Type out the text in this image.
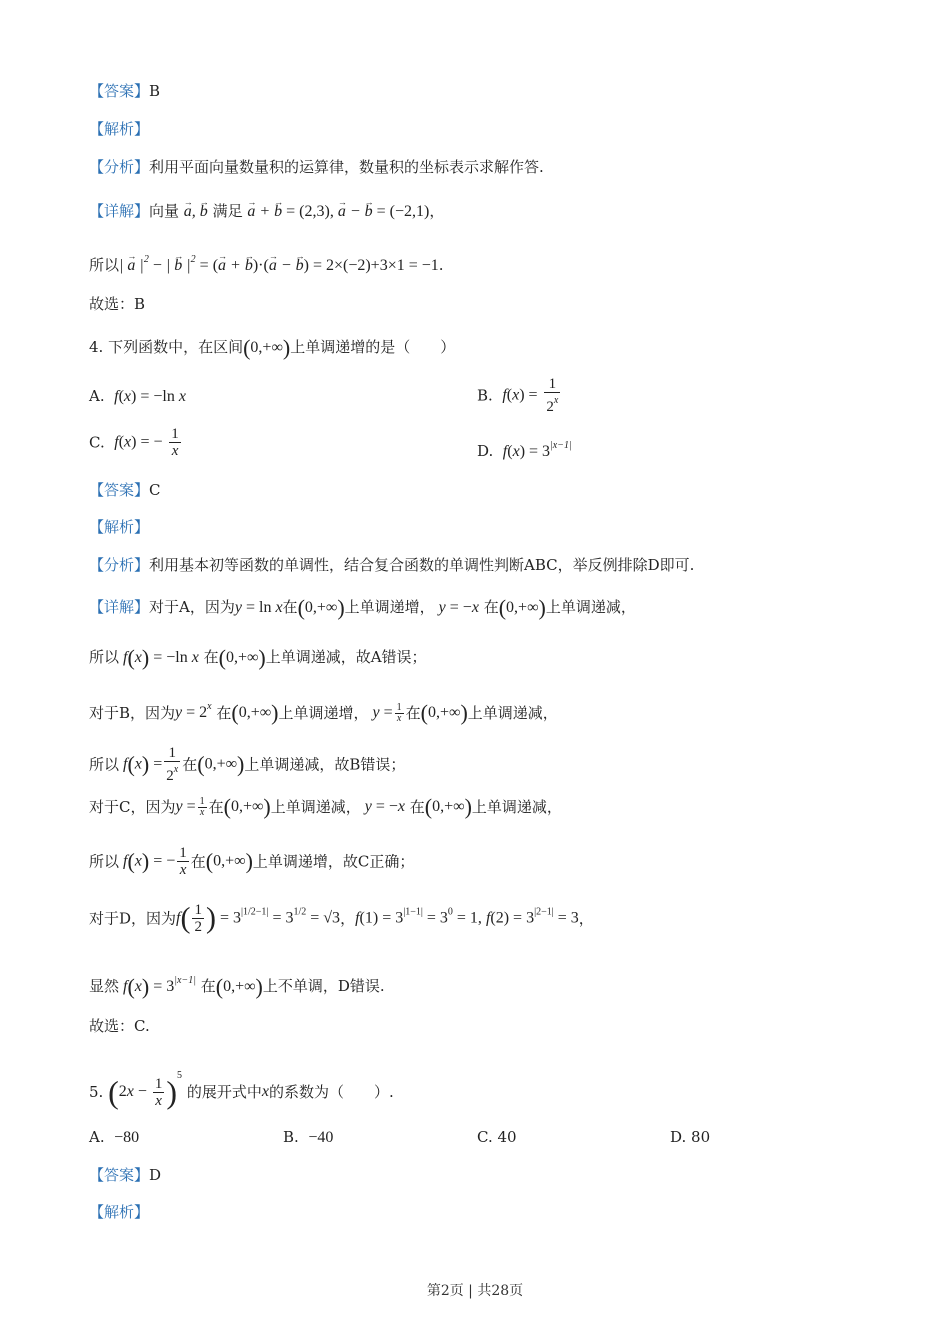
【答案】B
【解析】
【分析】利用平面向量数量积的运算律，数量积的坐标表示求解作答.
【详解】向量 → a, → b 满足 → a + → b = (2,3), → a − → b = (−2,1)，
所以| → a $|^2$ − | → b $|^2$ = (→ a + → b)·(→ a − → b) = 2×(−2)+3×1 = −1.
故选：B
4. 下列函数中，在区间(0,+∞)上单调递增的是（　　）
A.  f(x) = −ln x	B.  $f(x) = \frac{1}{2^x}$
C.  f(x) = − $\frac{1}{x}$	D.  $f(x) = 3^{|x-1|}$
【答案】C
【解析】
【分析】利用基本初等函数的单调性，结合复合函数的单调性判断ABC，举反例排除D即可.
【详解】对于A，因为y = ln x在(0,+∞)上单调递增， y = −x 在(0,+∞)上单调递减，
所以 f(x) = −ln x 在(0,+∞)上单调递减，故A错误；
对于B，因为$y = 2^x$ 在(0,+∞)上单调递增， $y = \frac{1}{x}$ 在(0,+∞)上单调递减，
所以 $f(x) = \frac{1}{2^x}$ 在(0,+∞)上单调递减，故B错误；
对于C，因为$y = \frac{1}{x}$ 在(0,+∞)上单调递减， y = −x 在(0,+∞)上单调递减，
所以 f(x) = − $\frac{1}{x}$ 在(0,+∞)上单调递增，故C正确；
对于D，因为$f( \frac{1}{2}$ ) = $3^{|1/2-1|} = 3^{1/2} = √3$，$f(1) = 3^{|1-1|} = 3^0 = 1$, $f(2) = 3^{|2-1|} = 3$，
显然 $f(x) = 3^{|x-1|}$ 在(0,+∞)上不单调，D错误.
故选：C.
5. $(2x - \frac{1}{x} )^5$ 的展开式中x的系数为（　　）.
A.  −80	B.  −40	C. 40	D. 80
【答案】D
【解析】
第2页 | 共28页
